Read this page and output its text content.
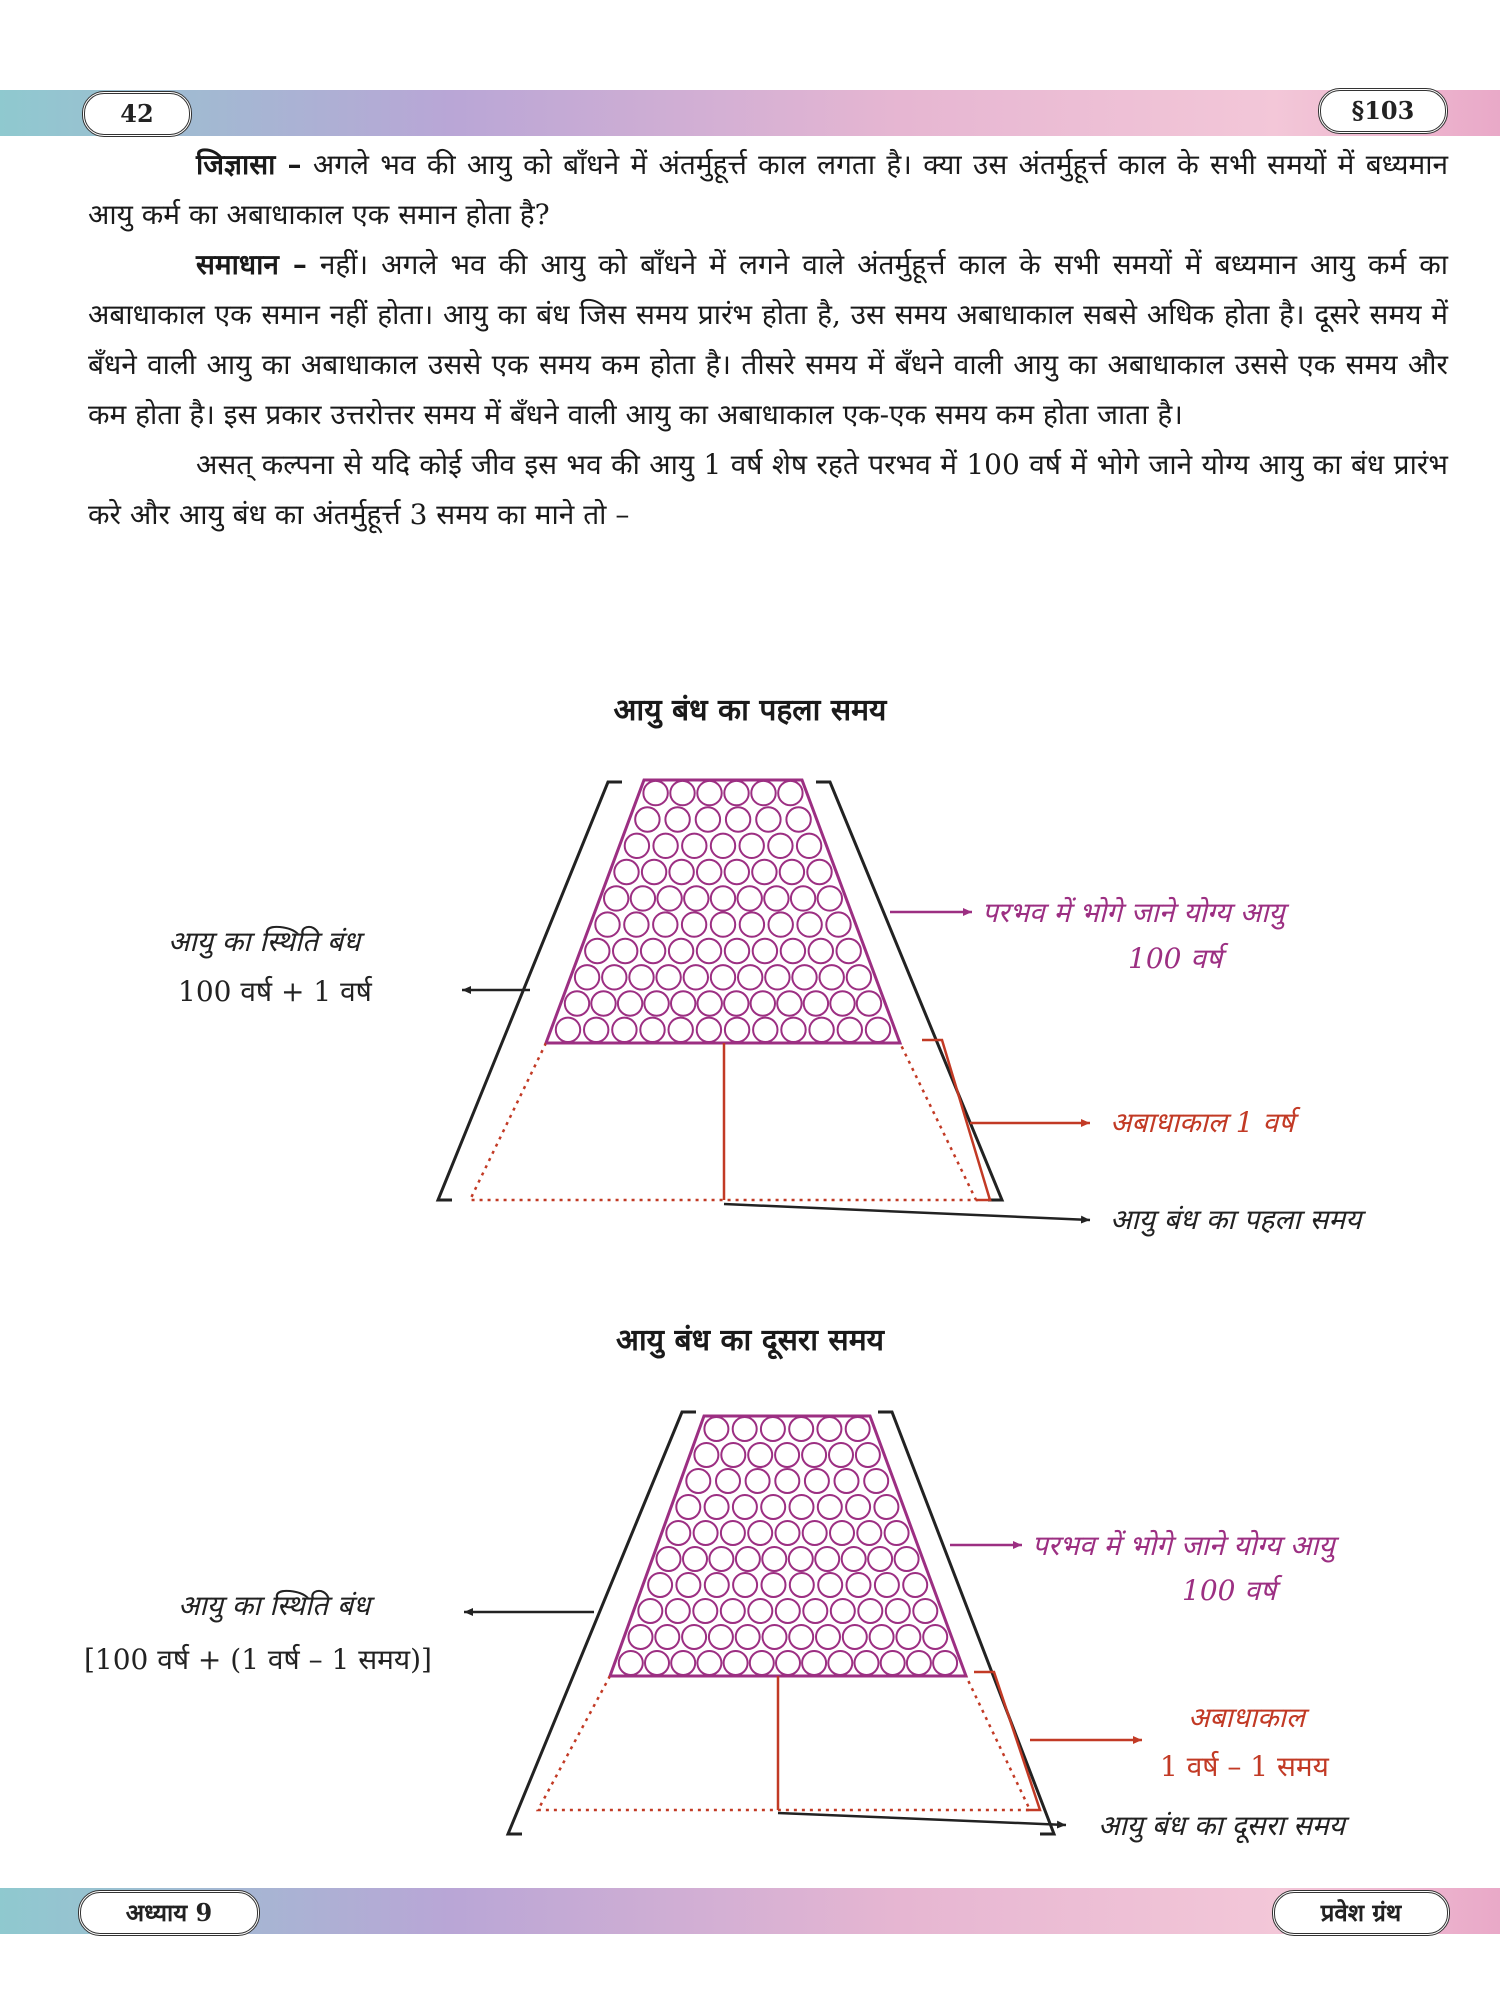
42	§103
अध्याय 9	प्रवेश ग्रंथ

जिज्ञासा – अगले भव की आयु को बाँधने में अंतर्मुहूर्त्त काल लगता है। क्या उस अंतर्मुहूर्त्त काल के सभी समयों में बध्यमान आयु कर्म का अबाधाकाल एक समान होता है?

समाधान – नहीं। अगले भव की आयु को बाँधने में लगने वाले अंतर्मुहूर्त्त काल के सभी समयों में बध्यमान आयु कर्म का अबाधाकाल एक समान नहीं होता। आयु का बंध जिस समय प्रारंभ होता है, उस समय अबाधाकाल सबसे अधिक होता है। दूसरे समय में बँधने वाली आयु का अबाधाकाल उससे एक समय कम होता है। तीसरे समय में बँधने वाली आयु का अबाधाकाल उससे एक समय और कम होता है। इस प्रकार उत्तरोत्तर समय में बँधने वाली आयु का अबाधाकाल एक-एक समय कम होता जाता है।

असत् कल्पना से यदि कोई जीव इस भव की आयु 1 वर्ष शेष रहते परभव में 100 वर्ष में भोगे जाने योग्य आयु का बंध प्रारंभ करे और आयु बंध का अंतर्मुहूर्त्त 3 समय का माने तो –

आयु बंध का पहला समय
आयु बंध का दूसरा समय
आयु का स्थिति बंध
100 वर्ष + 1 वर्ष
परभव में भोगे जाने योग्य आयु
100 वर्ष
अबाधाकाल 1 वर्ष
आयु बंध का पहला समय
आयु का स्थिति बंध
[100 वर्ष + (1 वर्ष – 1 समय)]
परभव में भोगे जाने योग्य आयु
100 वर्ष
अबाधाकाल
1 वर्ष – 1 समय
आयु बंध का दूसरा समय
